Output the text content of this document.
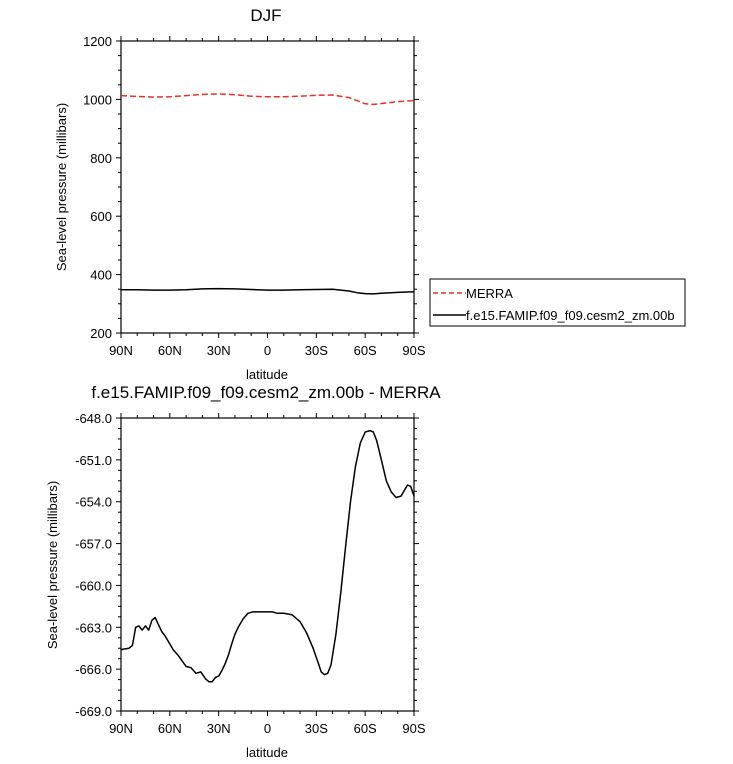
DJF
200
400
600
800
1000
1200
90N 60N 30N	0	30S 60S 90S
latitude
Sea-level pressure (millibars)
MERRA
f.e15.FAMIP.f09_f09.cesm2_zm.00b
f.e15.FAMIP.f09_f09.cesm2_zm.00b - MERRA
-648.0
-651.0
-654.0
-657.0
-660.0
-663.0
-666.0
-669.0
90N 60N 30N	0	30S 60S 90S
latitude
Sea-level pressure (millibars)
